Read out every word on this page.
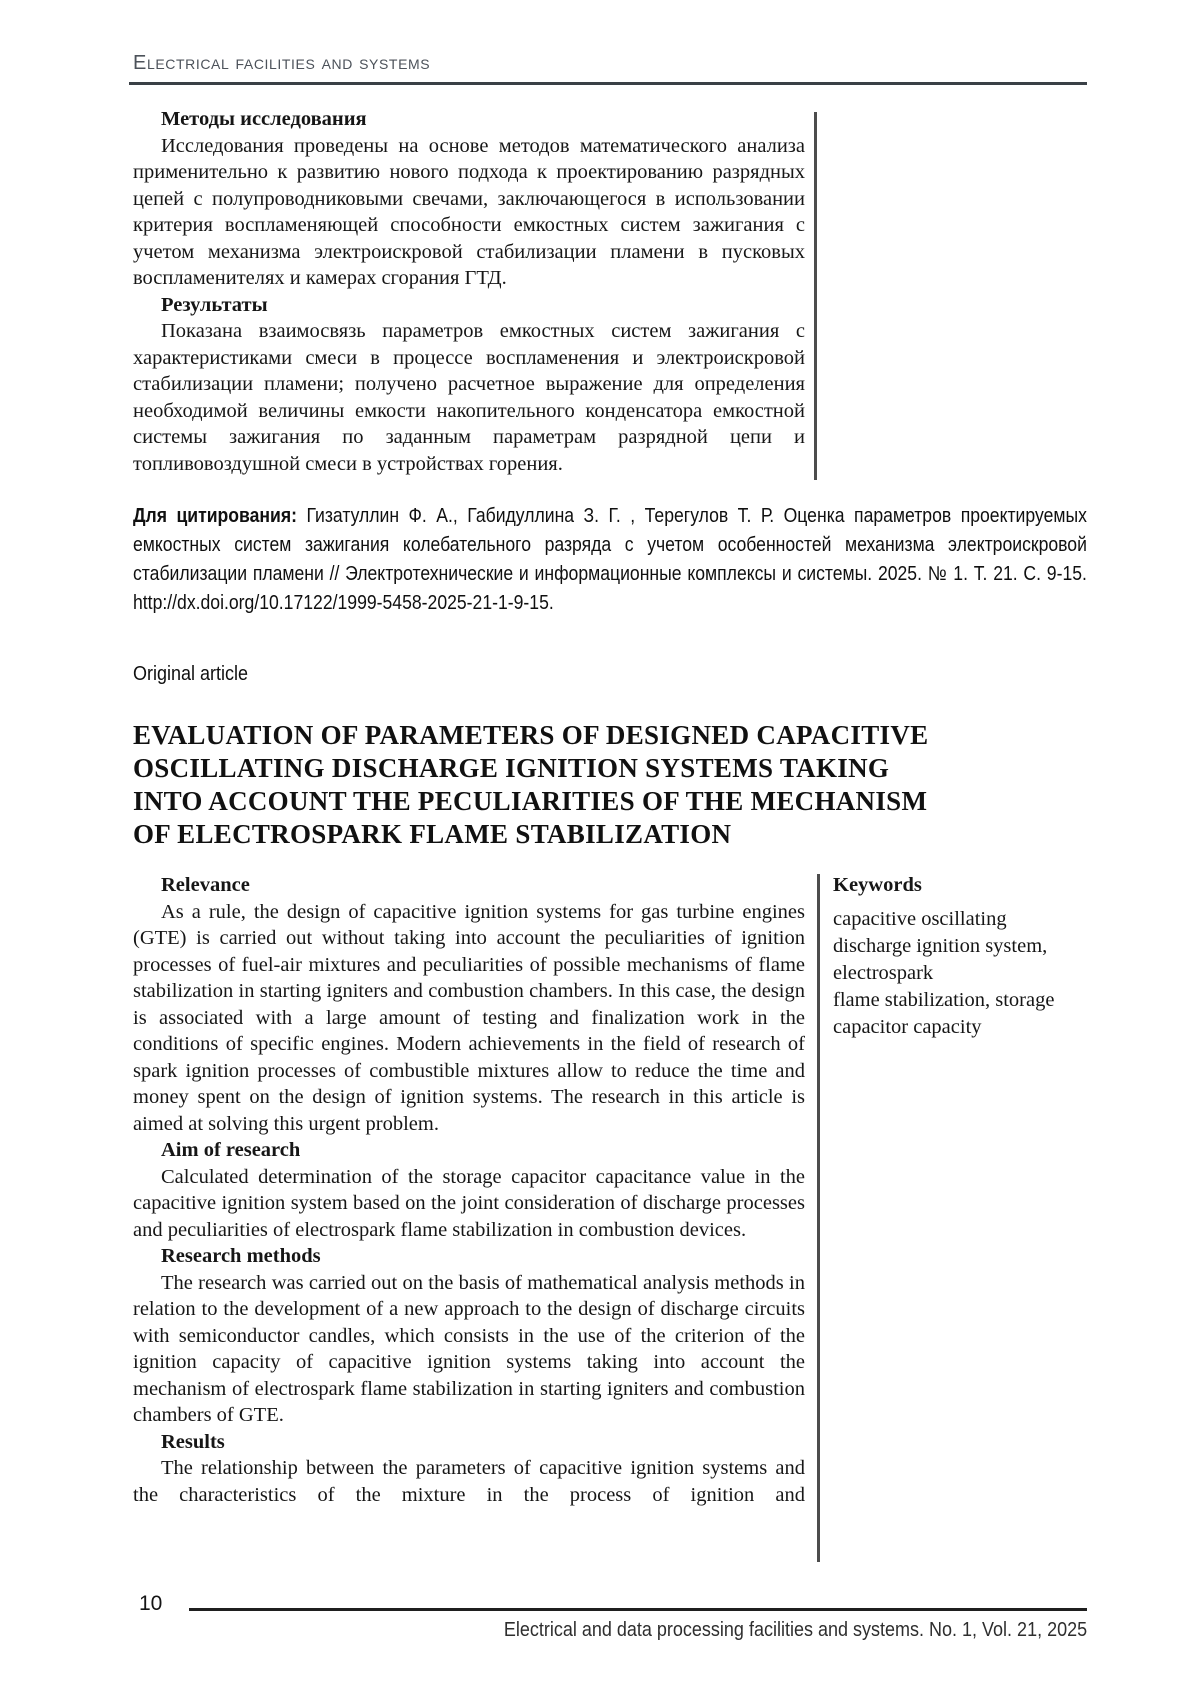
Electrical facilities and systems
Методы исследования

Исследования проведены на основе методов математического анализа применительно к развитию нового подхода к проектированию разрядных цепей с полупроводниковыми свечами, заключающегося в использовании критерия воспламеняющей способности емкостных систем зажигания с учетом механизма электроискровой стабилизации пламени в пусковых воспламенителях и камерах сгорания ГТД.

Результаты

Показана взаимосвязь параметров емкостных систем зажигания с характеристиками смеси в процессе воспламенения и электроискровой стабилизации пламени; получено расчетное выражение для определения необходимой величины емкости накопительного конденсатора емкостной системы зажигания по заданным параметрам разрядной цепи и топливовоздушной смеси в устройствах горения.

Для цитирования: Гизатуллин Ф. А., Габидуллина З. Г. , Терегулов Т. Р. Оценка параметров проектируемых емкостных систем зажигания колебательного разряда с учетом особенностей механизма электроискровой стабилизации пламени // Электротехнические и информационные комплексы и системы. 2025. № 1. Т. 21. С. 9-15. http://dx.doi.org/10.17122/1999-5458-2025-21-1-9-15.
Original article
EVALUATION OF PARAMETERS OF DESIGNED CAPACITIVE OSCILLATING DISCHARGE IGNITION SYSTEMS TAKING INTO ACCOUNT THE PECULIARITIES OF THE MECHANISM OF ELECTROSPARK FLAME STABILIZATION
Relevance

As a rule, the design of capacitive ignition systems for gas turbine engines (GTE) is carried out without taking into account the peculiarities of ignition processes of fuel-air mixtures and peculiarities of possible mechanisms of flame stabilization in starting igniters and combustion chambers. In this case, the design is associated with a large amount of testing and finalization work in the conditions of specific engines. Modern achievements in the field of research of spark ignition processes of combustible mixtures allow to reduce the time and money spent on the design of ignition systems. The research in this article is aimed at solving this urgent problem.

Aim of research

Calculated determination of the storage capacitor capacitance value in the capacitive ignition system based on the joint consideration of discharge processes and peculiarities of electrospark flame stabilization in combustion devices.

Research methods

The research was carried out on the basis of mathematical analysis methods in relation to the development of a new approach to the design of discharge circuits with semiconductor candles, which consists in the use of the criterion of the ignition capacity of capacitive ignition systems taking into account the mechanism of electrospark flame stabilization in starting igniters and combustion chambers of GTE.

Results

The relationship between the parameters of capacitive ignition systems and the characteristics of the mixture in the process of ignition and

Keywords
capacitive oscillating
discharge ignition system,
electrospark
flame stabilization, storage
capacitor capacity
10
Electrical and data processing facilities and systems. No. 1, Vol. 21, 2025
